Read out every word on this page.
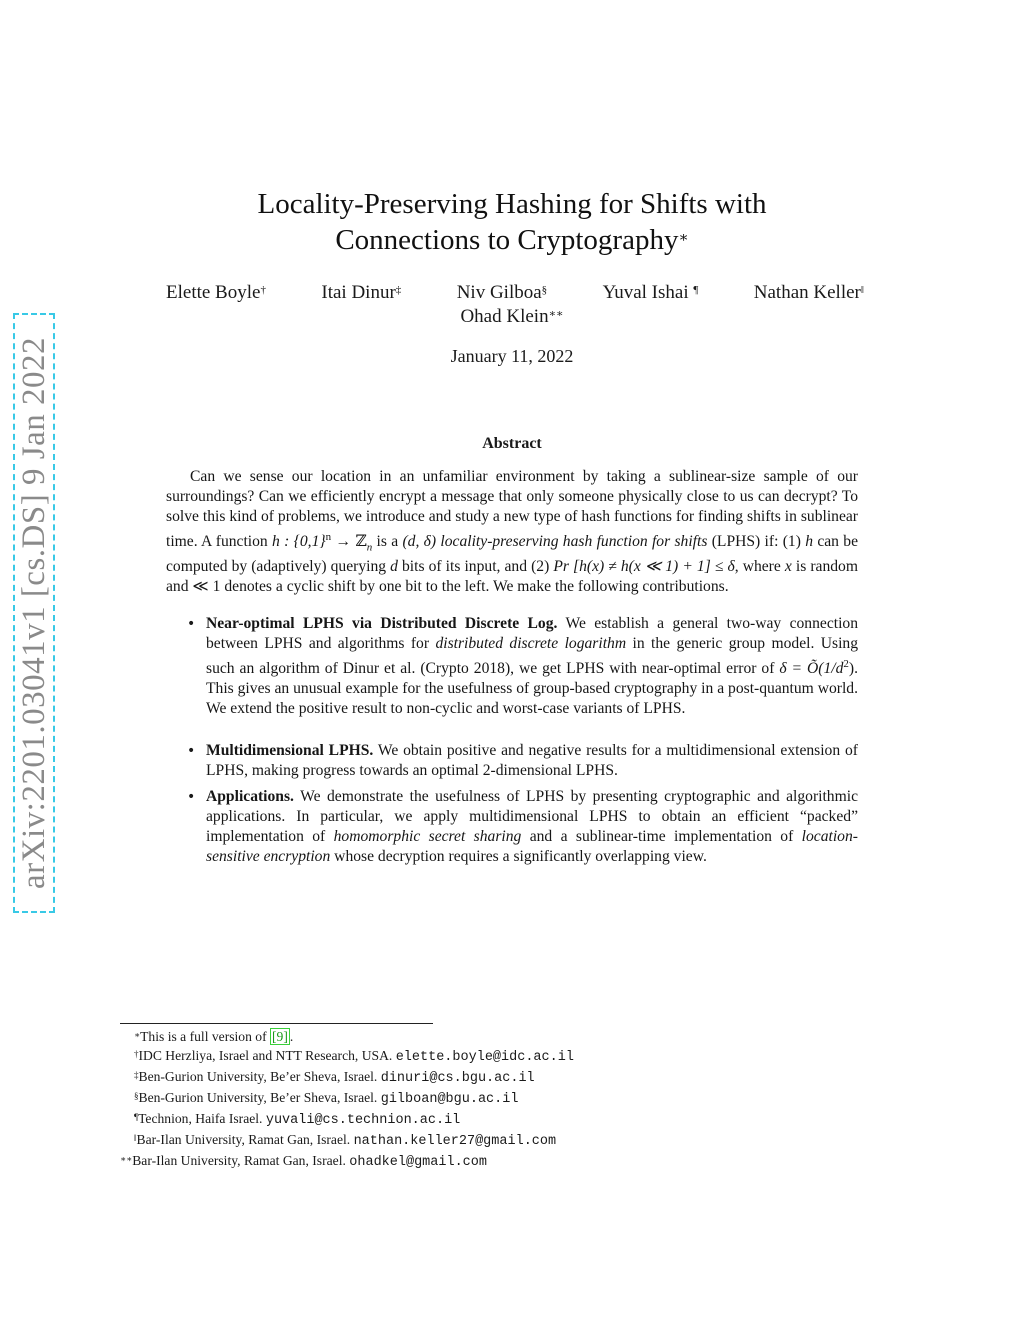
arXiv:2201.03041v1 [cs.DS] 9 Jan 2022
Locality-Preserving Hashing for Shifts with
Connections to Cryptography∗
Elette Boyle†	Itai Dinur‡	Niv Gilboa§	Yuval Ishai ¶	Nathan Keller‖
Ohad Klein∗∗
January 11, 2022
Abstract
Can we sense our location in an unfamiliar environment by taking a sublinear-size sample of our surroundings? Can we efficiently encrypt a message that only someone physically close to us can decrypt? To solve this kind of problems, we introduce and study a new type of hash functions for finding shifts in sublinear time. A function h : $\{0,1\}^n$ → ℤ$_n$ is a (d, δ) locality-preserving hash function for shifts (LPHS) if: (1) h can be computed by (adaptively) querying d bits of its input, and (2) Pr [h(x) ≠ h(x ≪ 1) + 1] ≤ δ, where x is random and ≪ 1 denotes a cyclic shift by one bit to the left. We make the following contributions.
• Near-optimal LPHS via Distributed Discrete Log. We establish a general two-way connection between LPHS and algorithms for distributed discrete logarithm in the generic group model. Using such an algorithm of Dinur et al. (Crypto 2018), we get LPHS with near-optimal error of $\delta = Õ(1/d^2)$. This gives an unusual example for the usefulness of group-based cryptography in a post-quantum world. We extend the positive result to non-cyclic and worst-case variants of LPHS.
• Multidimensional LPHS. We obtain positive and negative results for a multidimensional extension of LPHS, making progress towards an optimal 2-dimensional LPHS.
• Applications. We demonstrate the usefulness of LPHS by presenting cryptographic and algorithmic applications. In particular, we apply multidimensional LPHS to obtain an efficient “packed” implementation of homomorphic secret sharing and a sublinear-time implementation of location-sensitive encryption whose decryption requires a significantly overlapping view.
∗This is a full version of [9] .
†IDC Herzliya, Israel and NTT Research, USA. elette.boyle@idc.ac.il
‡Ben-Gurion University, Be’er Sheva, Israel. dinuri@cs.bgu.ac.il
§Ben-Gurion University, Be’er Sheva, Israel. gilboan@bgu.ac.il
¶Technion, Haifa Israel. yuvali@cs.technion.ac.il
‖Bar-Ilan University, Ramat Gan, Israel. nathan.keller27@gmail.com
∗∗Bar-Ilan University, Ramat Gan, Israel. ohadkel@gmail.com
